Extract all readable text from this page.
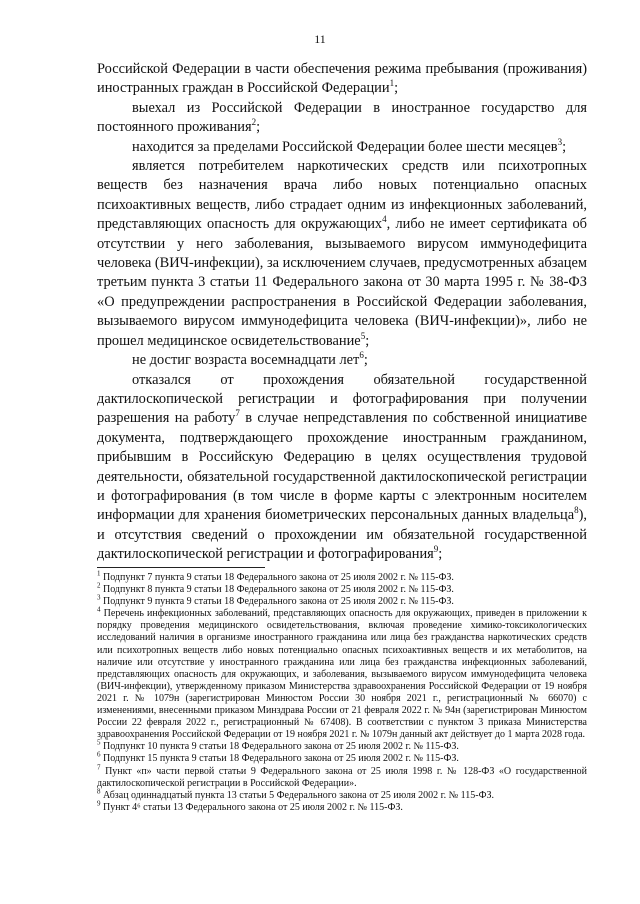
11

Российской Федерации в части обеспечения режима пребывания (проживания) иностранных граждан в Российской Федерации$^1$;

выехал из Российской Федерации в иностранное государство для постоянного проживания$^2$;

находится за пределами Российской Федерации более шести месяцев$^3$;

является потребителем наркотических средств или психотропных веществ без назначения врача либо новых потенциально опасных психоактивных веществ, либо страдает одним из инфекционных заболеваний, представляющих опасность для окружающих$^4$, либо не имеет сертификата об отсутствии у него заболевания, вызываемого вирусом иммунодефицита человека (ВИЧ-инфекции), за исключением случаев, предусмотренных абзацем третьим пункта 3 статьи 11 Федерального закона от 30 марта 1995 г. № 38-ФЗ «О предупреждении распространения в Российской Федерации заболевания, вызываемого вирусом иммунодефицита человека (ВИЧ-инфекции)», либо не прошел медицинское освидетельствование$^5$;

не достиг возраста восемнадцати лет$^6$;

отказался от прохождения обязательной государственной дактилоскопической регистрации и фотографирования при получении разрешения на работу$^7$ в случае непредставления по собственной инициативе документа, подтверждающего прохождение иностранным гражданином, прибывшим в Российскую Федерацию в целях осуществления трудовой деятельности, обязательной государственной дактилоскопической регистрации и фотографирования (в том числе в форме карты с электронным носителем информации для хранения биометрических персональных данных владельца$^8$), и отсутствия сведений о прохождении им обязательной государственной дактилоскопической регистрации и фотографирования$^9$;

$^1$ Подпункт 7 пункта 9 статьи 18 Федерального закона от 25 июля 2002 г. № 115-ФЗ.

$^2$ Подпункт 8 пункта 9 статьи 18 Федерального закона от 25 июля 2002 г. № 115-ФЗ.

$^3$ Подпункт 9 пункта 9 статьи 18 Федерального закона от 25 июля 2002 г. № 115-ФЗ.

$^4$ Перечень инфекционных заболеваний, представляющих опасность для окружающих, приведен в приложении к порядку проведения медицинского освидетельствования, включая проведение химико-токсикологических исследований наличия в организме иностранного гражданина или лица без гражданства наркотических средств или психотропных веществ либо новых потенциально опасных психоактивных веществ и их метаболитов, на наличие или отсутствие у иностранного гражданина или лица без гражданства инфекционных заболеваний, представляющих опасность для окружающих, и заболевания, вызываемого вирусом иммунодефицита человека (ВИЧ-инфекции), утвержденному приказом Министерства здравоохранения Российской Федерации от 19 ноября 2021 г. № 1079н (зарегистрирован Минюстом России 30 ноября 2021 г., регистрационный № 66070) с изменениями, внесенными приказом Минздрава России от 21 февраля 2022 г. № 94н (зарегистрирован Минюстом России 22 февраля 2022 г., регистрационный № 67408). В соответствии с пунктом 3 приказа Министерства здравоохранения Российской Федерации от 19 ноября 2021 г. № 1079н данный акт действует до 1 марта 2028 года.

$^5$ Подпункт 10 пункта 9 статьи 18 Федерального закона от 25 июля 2002 г. № 115-ФЗ.

$^6$ Подпункт 15 пункта 9 статьи 18 Федерального закона от 25 июля 2002 г. № 115-ФЗ.

$^7$ Пункт «п» части первой статьи 9 Федерального закона от 25 июля 1998 г. № 128-ФЗ «О государственной дактилоскопической регистрации в Российской Федерации».

$^8$ Абзац одиннадцатый пункта 13 статьи 5 Федерального закона от 25 июля 2002 г. № 115-ФЗ.

$^9$ Пункт 4⁶ статьи 13 Федерального закона от 25 июля 2002 г. № 115-ФЗ.
